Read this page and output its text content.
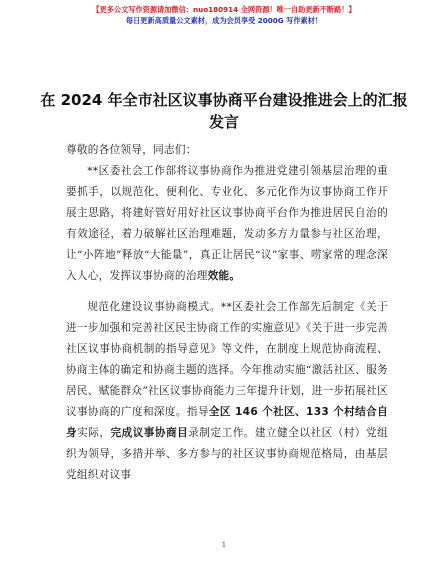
【更多公文写作资源请加微信：nuo180914 全网资源！唯一自助更新不断路！】
每日更新高质量公文素材，成为会员享受 2000G 写作素材！
在 2024 年全市社区议事协商平台建设推进会上的汇报发言

尊敬的各位领导，同志们：

**区委社会工作部将议事协商作为推进党建引领基层治理的重要抓手，以规范化、便利化、专业化、多元化作为议事协商工作开展主思路，将建好管好用好社区议事协商平台作为推进居民自治的有效途径，着力破解社区治理难题，发动多方力量参与社区治理，让“小阵地”释放“大能量”，真正让居民“议”家事、唠家常的理念深入人心，发挥议事协商的治理效能。

规范化建设议事协商模式。**区委社会工作部先后制定《关于进一步加强和完善社区民主协商工作的实施意见》《关于进一步完善社区议事协商机制的指导意见》等文件，在制度上规范协商流程、协商主体的确定和协商主题的选择。今年推动实施“激活社区、服务居民、赋能群众”社区议事协商能力三年提升计划，进一步拓展社区议事协商的广度和深度。指导全区 146 个社区、133 个村结合自身实际，完成议事协商目录制定工作。建立健全以社区（村）党组织为领导，多措并举、多方参与的社区议事协商规范格局，由基层党组织对议事

1
